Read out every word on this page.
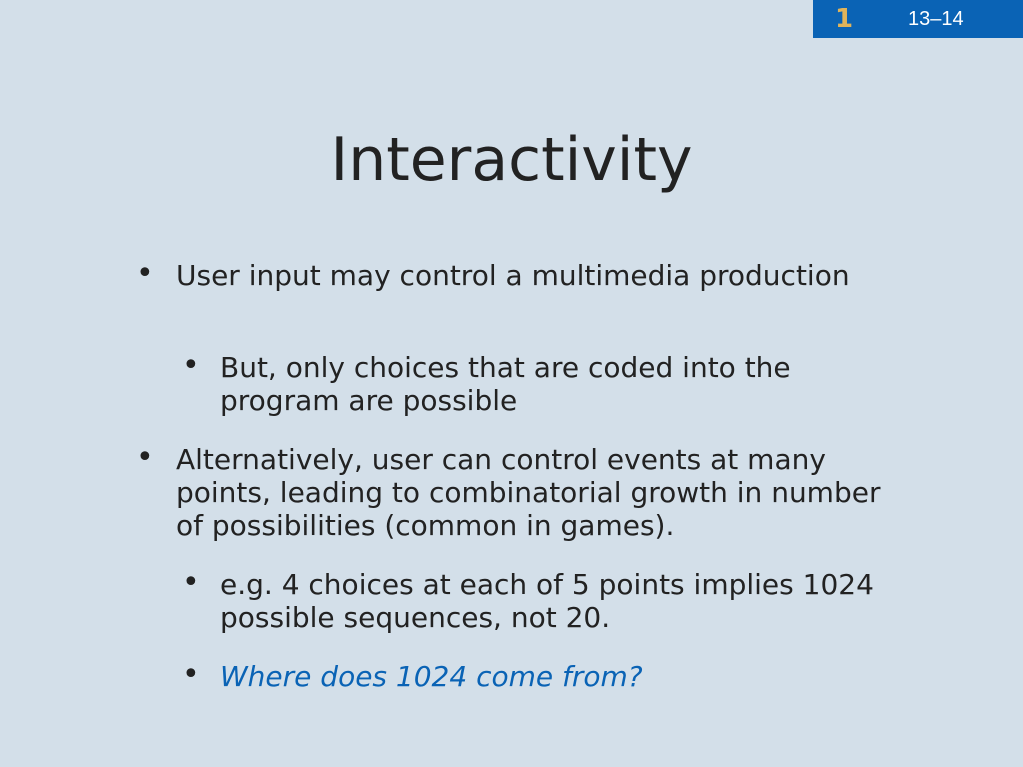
1	13–14
Interactivity
• User input may control a multimedia production
• But, only choices that are coded into the program are possible
• Alternatively, user can control events at many points, leading to combinatorial growth in number of possibilities (common in games).
• e.g. 4 choices at each of 5 points implies 1024 possible sequences, not 20.
• Where does 1024 come from?
